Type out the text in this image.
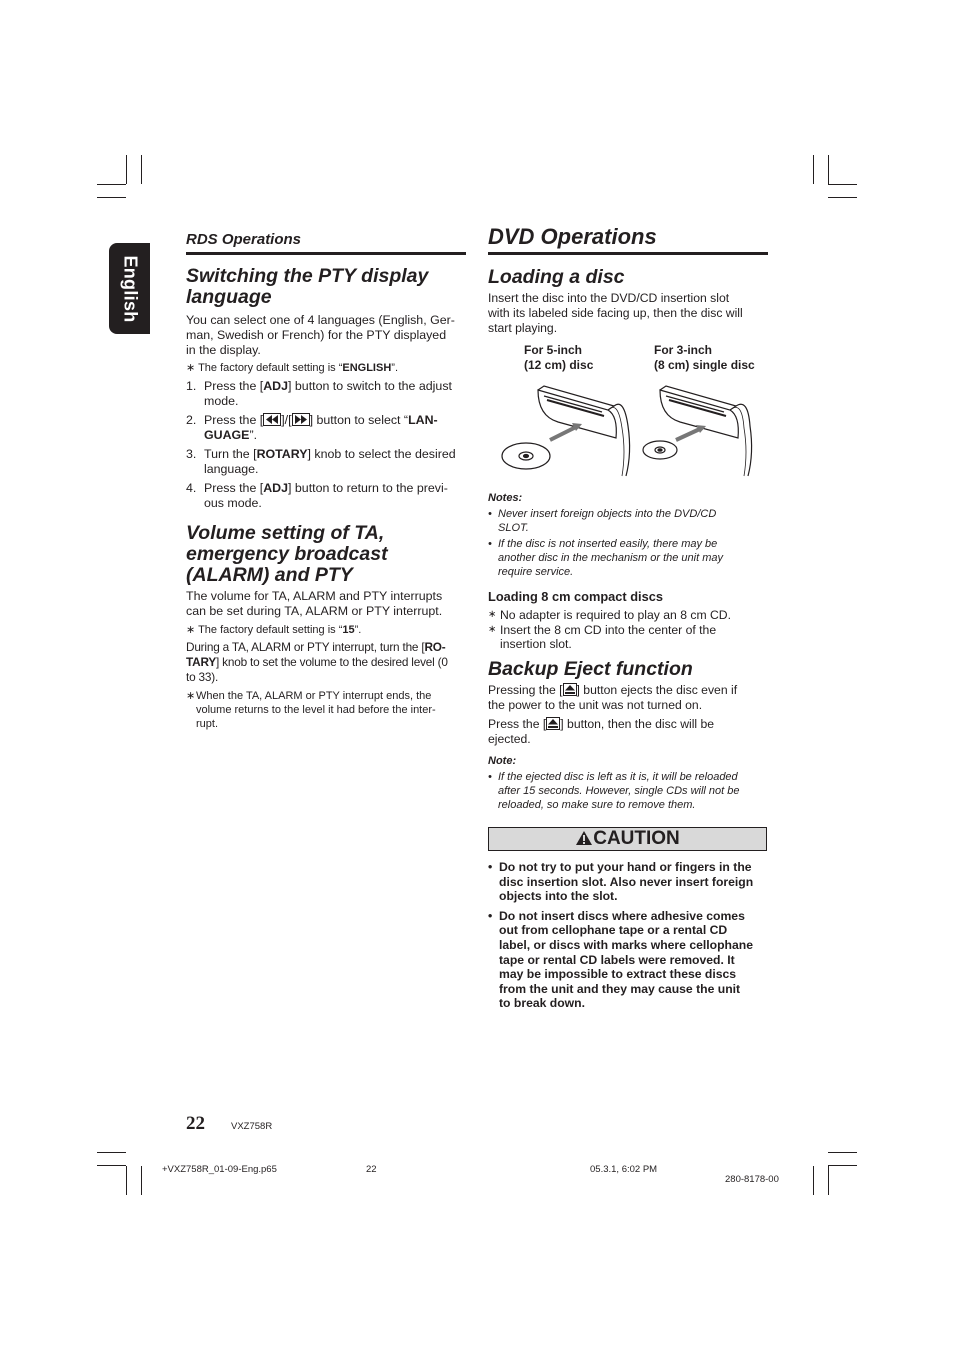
English
RDS Operations
Switching the PTY display
language
You can select one of 4 languages (English, Ger-
man, Swedish or French) for the PTY displayed
in the display.
∗ The factory default setting is “ENGLISH”.
1. Press the [ADJ] button to switch to the adjust
mode.
2. Press the [ ]/[ ] button to select “LAN-
GUAGE”.
3. Turn the [ROTARY] knob to select the desired
language.
4. Press the [ADJ] button to return to the previ-
ous mode.
Volume setting of TA,
emergency broadcast
(ALARM) and PTY
The volume for TA, ALARM and PTY interrupts
can be set during TA, ALARM or PTY interrupt.
∗ The factory default setting is “15”.
During a TA, ALARM or PTY interrupt, turn the [RO-
TARY] knob to set the volume to the desired level (0
to 33).
∗ When the TA, ALARM or PTY interrupt ends, the
volume returns to the level it had before the inter-
rupt.
DVD Operations
Loading a disc
Insert the disc into the DVD/CD insertion slot
with its labeled side facing up, then the disc will
start playing.
For 5-inch
(12 cm) disc
For 3-inch
(8 cm) single disc
Notes:
• Never insert foreign objects into the DVD/CD
SLOT.
• If the disc is not inserted easily, there may be
another disc in the mechanism or the unit may
require service.
Loading 8 cm compact discs
∗ No adapter is required to play an 8 cm CD.
∗ Insert the 8 cm CD into the center of the
insertion slot.
Backup Eject function
Pressing the [ ] button ejects the disc even if
the power to the unit was not turned on.
Press the [ ] button, then the disc will be
ejected.
Note:
• If the ejected disc is left as it is, it will be reloaded
after 15 seconds. However, single CDs will not be
reloaded, so make sure to remove them.
CAUTION
• Do not try to put your hand or fingers in the
disc insertion slot. Also never insert foreign
objects into the slot.
• Do not insert discs where adhesive comes
out from cellophane tape or a rental CD
label, or discs with marks where cellophane
tape or rental CD labels were removed. It
may be impossible to extract these discs
from the unit and they may cause the unit
to break down.
22	VXZ758R
+VXZ758R_01-09-Eng.p65	22	05.3.1, 6:02 PM
280-8178-00
